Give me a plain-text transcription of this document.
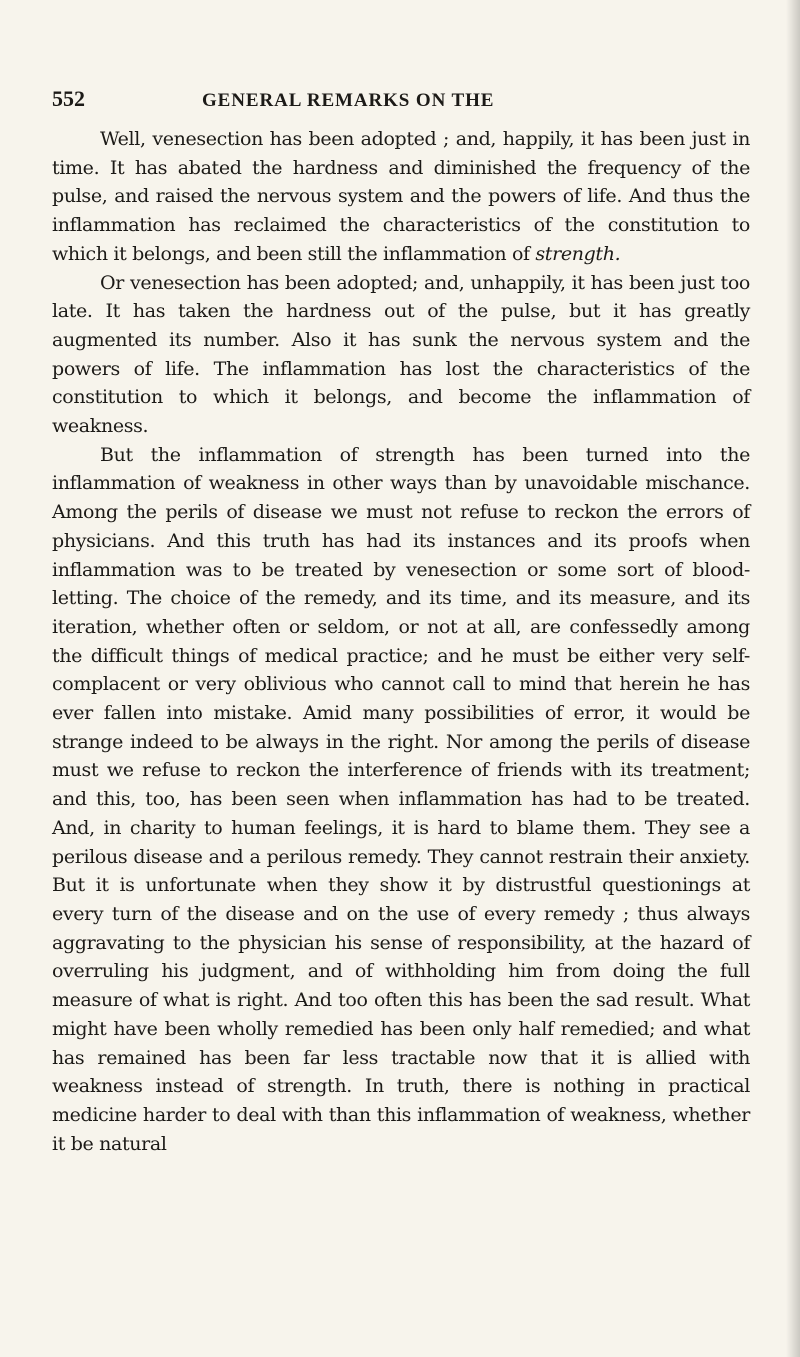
552	GENERAL REMARKS ON THE

Well, venesection has been adopted ; and, happily, it has been just in time. It has abated the hardness and diminished the frequency of the pulse, and raised the nervous system and the powers of life. And thus the inflammation has reclaimed the characteristics of the constitution to which it belongs, and been still the inflammation of strength.

Or venesection has been adopted; and, unhappily, it has been just too late. It has taken the hardness out of the pulse, but it has greatly augmented its number. Also it has sunk the nervous system and the powers of life. The inflammation has lost the characteristics of the constitution to which it belongs, and become the inflammation of weakness.

But the inflammation of strength has been turned into the inflammation of weakness in other ways than by unavoidable mischance. Among the perils of disease we must not refuse to reckon the errors of physicians. And this truth has had its instances and its proofs when inflammation was to be treated by venesection or some sort of blood-letting. The choice of the remedy, and its time, and its measure, and its iteration, whether often or seldom, or not at all, are confessedly among the difficult things of medical practice; and he must be either very self-complacent or very oblivious who cannot call to mind that herein he has ever fallen into mistake. Amid many possibilities of error, it would be strange indeed to be always in the right. Nor among the perils of disease must we refuse to reckon the interference of friends with its treatment; and this, too, has been seen when inflammation has had to be treated. And, in charity to human feelings, it is hard to blame them. They see a perilous disease and a perilous remedy. They cannot restrain their anxiety. But it is unfortunate when they show it by distrustful questionings at every turn of the disease and on the use of every remedy ; thus always aggravating to the physician his sense of responsibility, at the hazard of overruling his judgment, and of withholding him from doing the full measure of what is right. And too often this has been the sad result. What might have been wholly remedied has been only half remedied; and what has remained has been far less tractable now that it is allied with weakness instead of strength. In truth, there is nothing in practical medicine harder to deal with than this inflammation of weakness, whether it be natural
